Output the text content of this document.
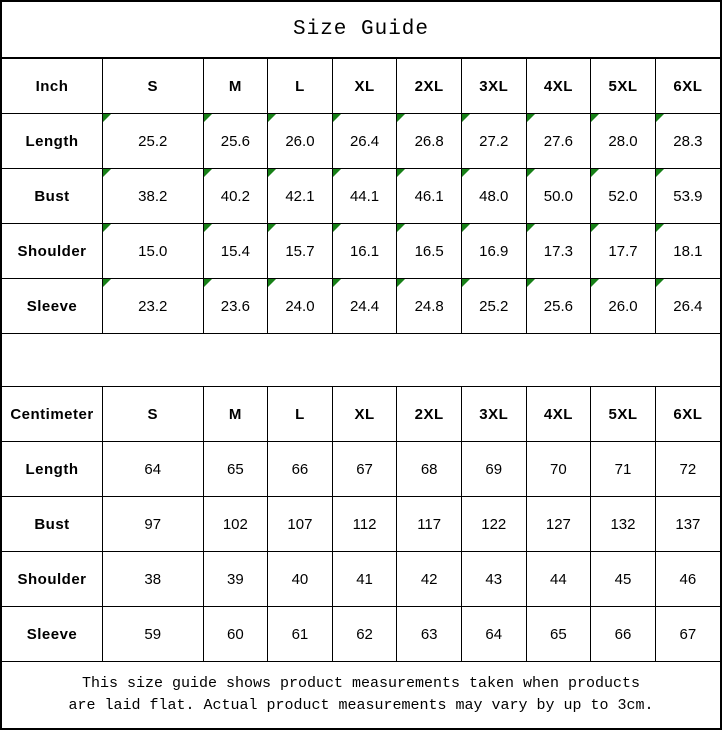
Size Guide
Inch	S	M	L	XL	2XL	3XL	4XL	5XL	6XL
Length	25.2	25.6	26.0	26.4	26.8	27.2	27.6	28.0	28.3

Bust	38.2	40.2	42.1	44.1	46.1	48.0	50.0	52.0	53.9

Shoulder	15.0	15.4	15.7	16.1	16.5	16.9	17.3	17.7	18.1

Sleeve	23.2	23.6	24.0	24.4	24.8	25.2	25.6	26.0	26.4
Centimeter	S	M	L	XL	2XL	3XL	4XL	5XL	6XL
Length	64	65	66	67	68	69	70	71	72
Bust	97	102	107	112	117	122	127	132	137
Shoulder	38	39	40	41	42	43	44	45	46
Sleeve	59	60	61	62	63	64	65	66	67
This size guide shows product measurements taken when products
are laid flat. Actual product measurements may vary by up to 3cm.
